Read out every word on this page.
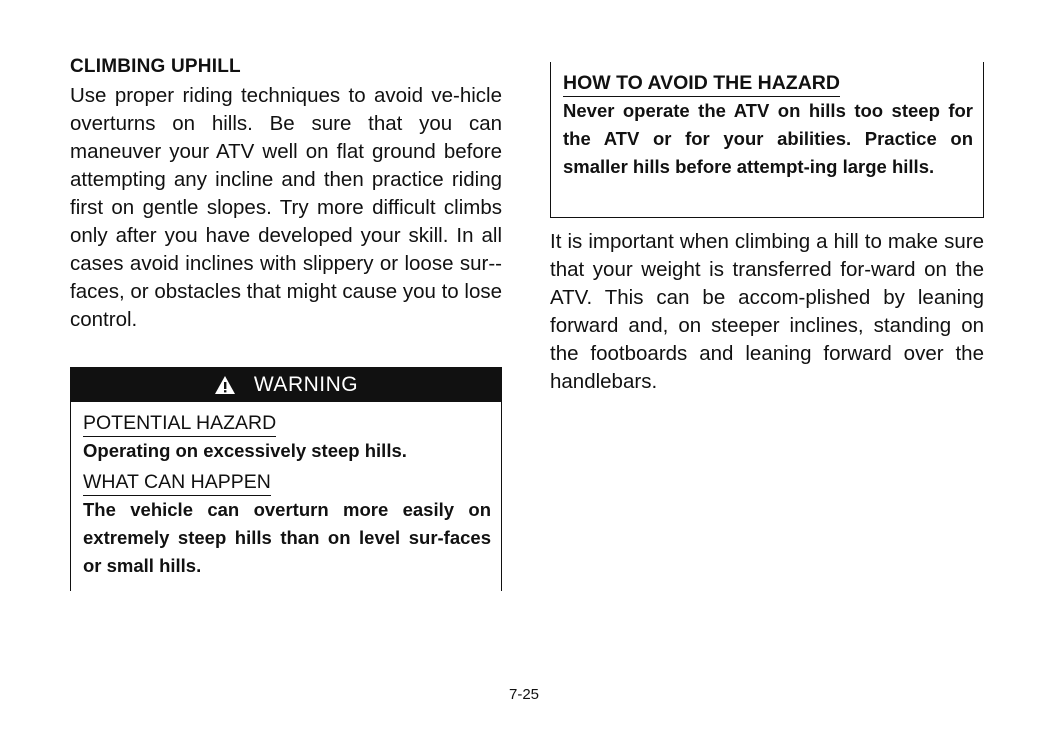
CLIMBING UPHILL

Use proper riding techniques to avoid ve-hicle overturns on hills. Be sure that you can maneuver your ATV well on flat ground before attempting any incline and then practice riding first on gentle slopes. Try more difficult climbs only after you have developed your skill. In all cases avoid inclines with slippery or loose sur-faces, or obstacles that might cause you to lose control.

WARNING
POTENTIAL HAZARD

Operating on excessively steep hills.

WHAT CAN HAPPEN

The vehicle can overturn more easily on extremely steep hills than on level sur-faces or small hills.

HOW TO AVOID THE HAZARD

Never operate the ATV on hills too steep for the ATV or for your abilities. Practice on smaller hills before attempt-ing large hills.

It is important when climbing a hill to make sure that your weight is transferred for-ward on the ATV. This can be accom-plished by leaning forward and, on steeper inclines, standing on the footboards and leaning forward over the handlebars.

7-25
